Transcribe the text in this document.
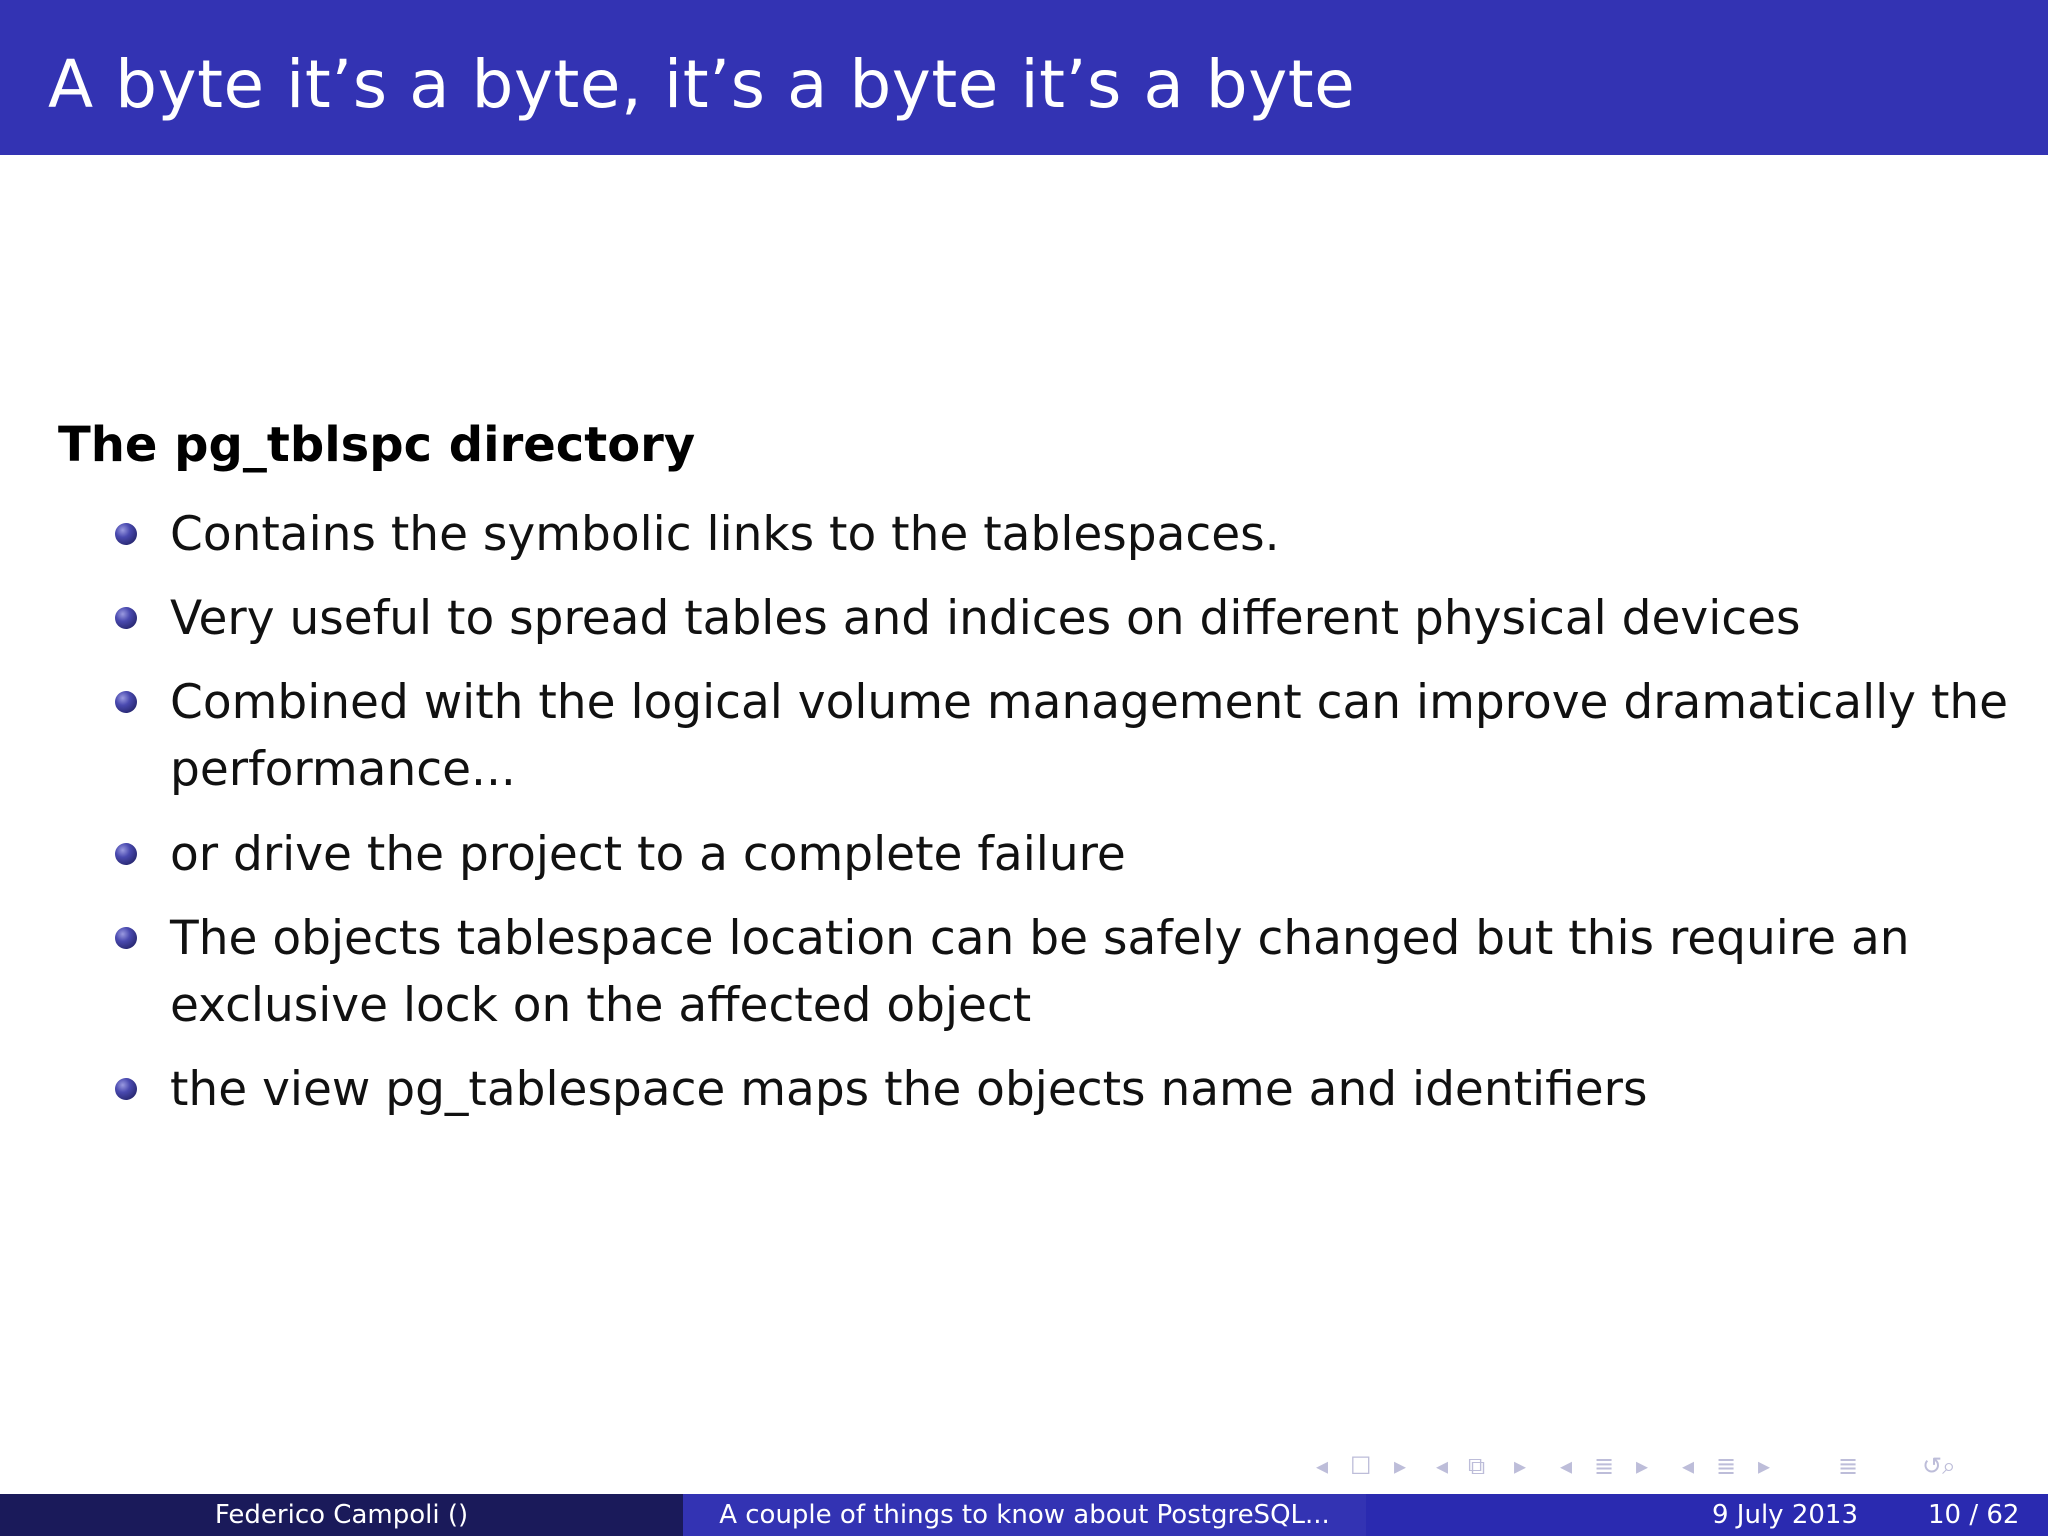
A byte it’s a byte, it’s a byte it’s a byte
The pg_tblspc directory
Contains the symbolic links to the tablespaces.
Very useful to spread tables and indices on different physical devices
Combined with the logical volume management can improve dramatically the performance...
or drive the project to a complete failure
The objects tablespace location can be safely changed but this require an exclusive lock on the affected object
the view pg_tablespace maps the objects name and identifiers
◂ ☐ ▸ ◂ ⧉ ▸ ◂ ≣ ▸ ◂ ≣ ▸	≣	↺⌕
Federico Campoli ()	A couple of things to know about PostgreSQL...	9 July 2013	10 / 62
